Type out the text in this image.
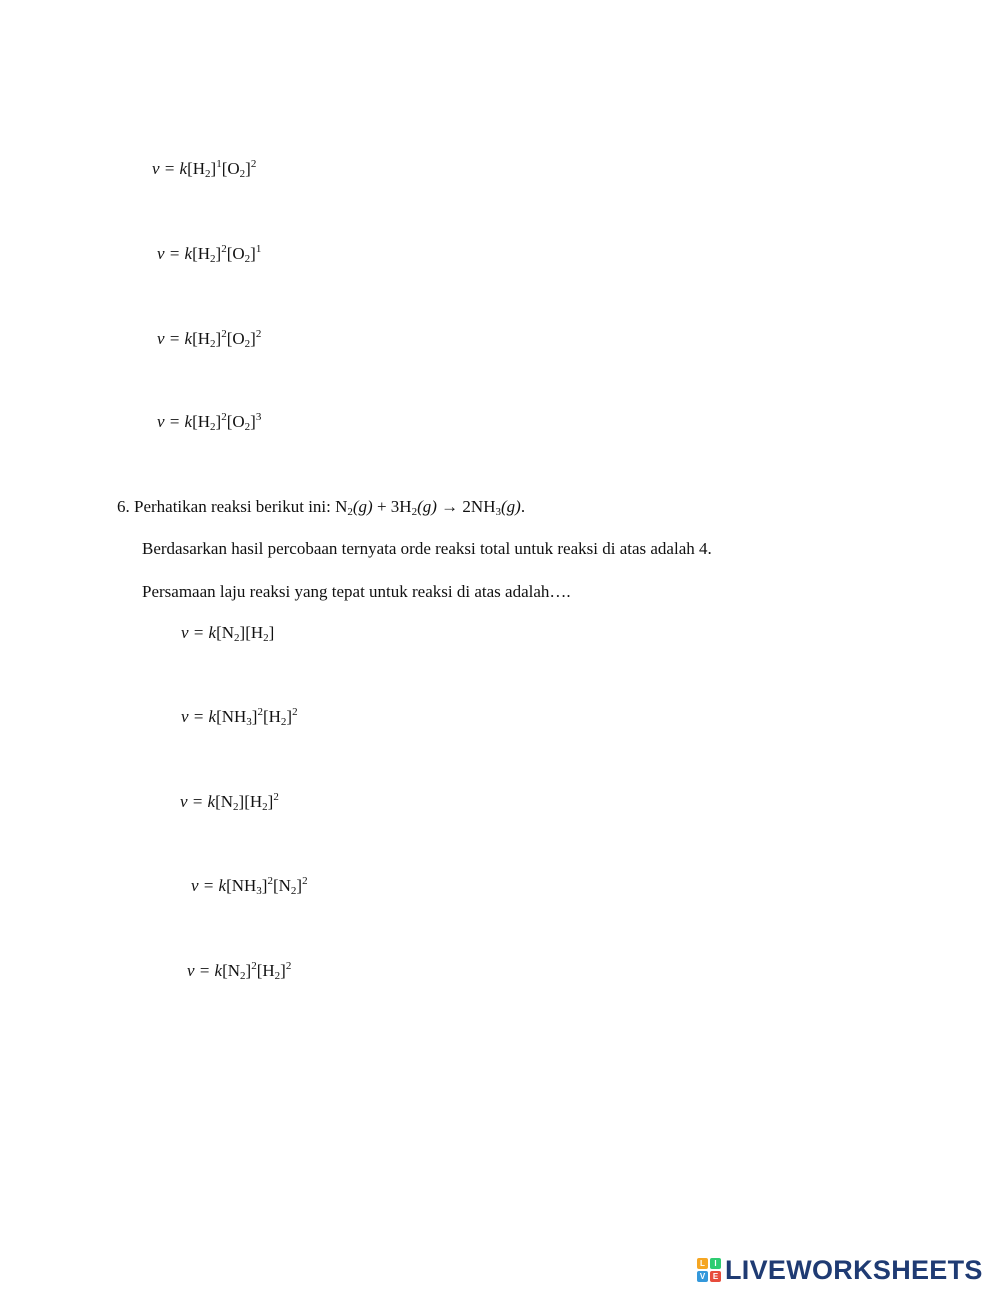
$v = k[H_2]^1[O_2]^2$
$v = k[H_2]^2[O_2]^1$
$v = k[H_2]^2[O_2]^2$
$v = k[H_2]^2[O_2]^3$
6. Perhatikan reaksi berikut ini: $N_2(g) + 3H_2(g) \to 2NH_3(g)$.
Berdasarkan hasil percobaan ternyata orde reaksi total untuk reaksi di atas adalah 4.
Persamaan laju reaksi yang tepat untuk reaksi di atas adalah….
$v = k[N_2][H_2]$
$v = k[NH_3]^2[H_2]^2$
$v = k[N_2][H_2]^2$
$v = k[NH_3]^2[N_2]^2$
$v = k[N_2]^2[H_2]^2$
L	I
V E LIVEWORKSHEETS
